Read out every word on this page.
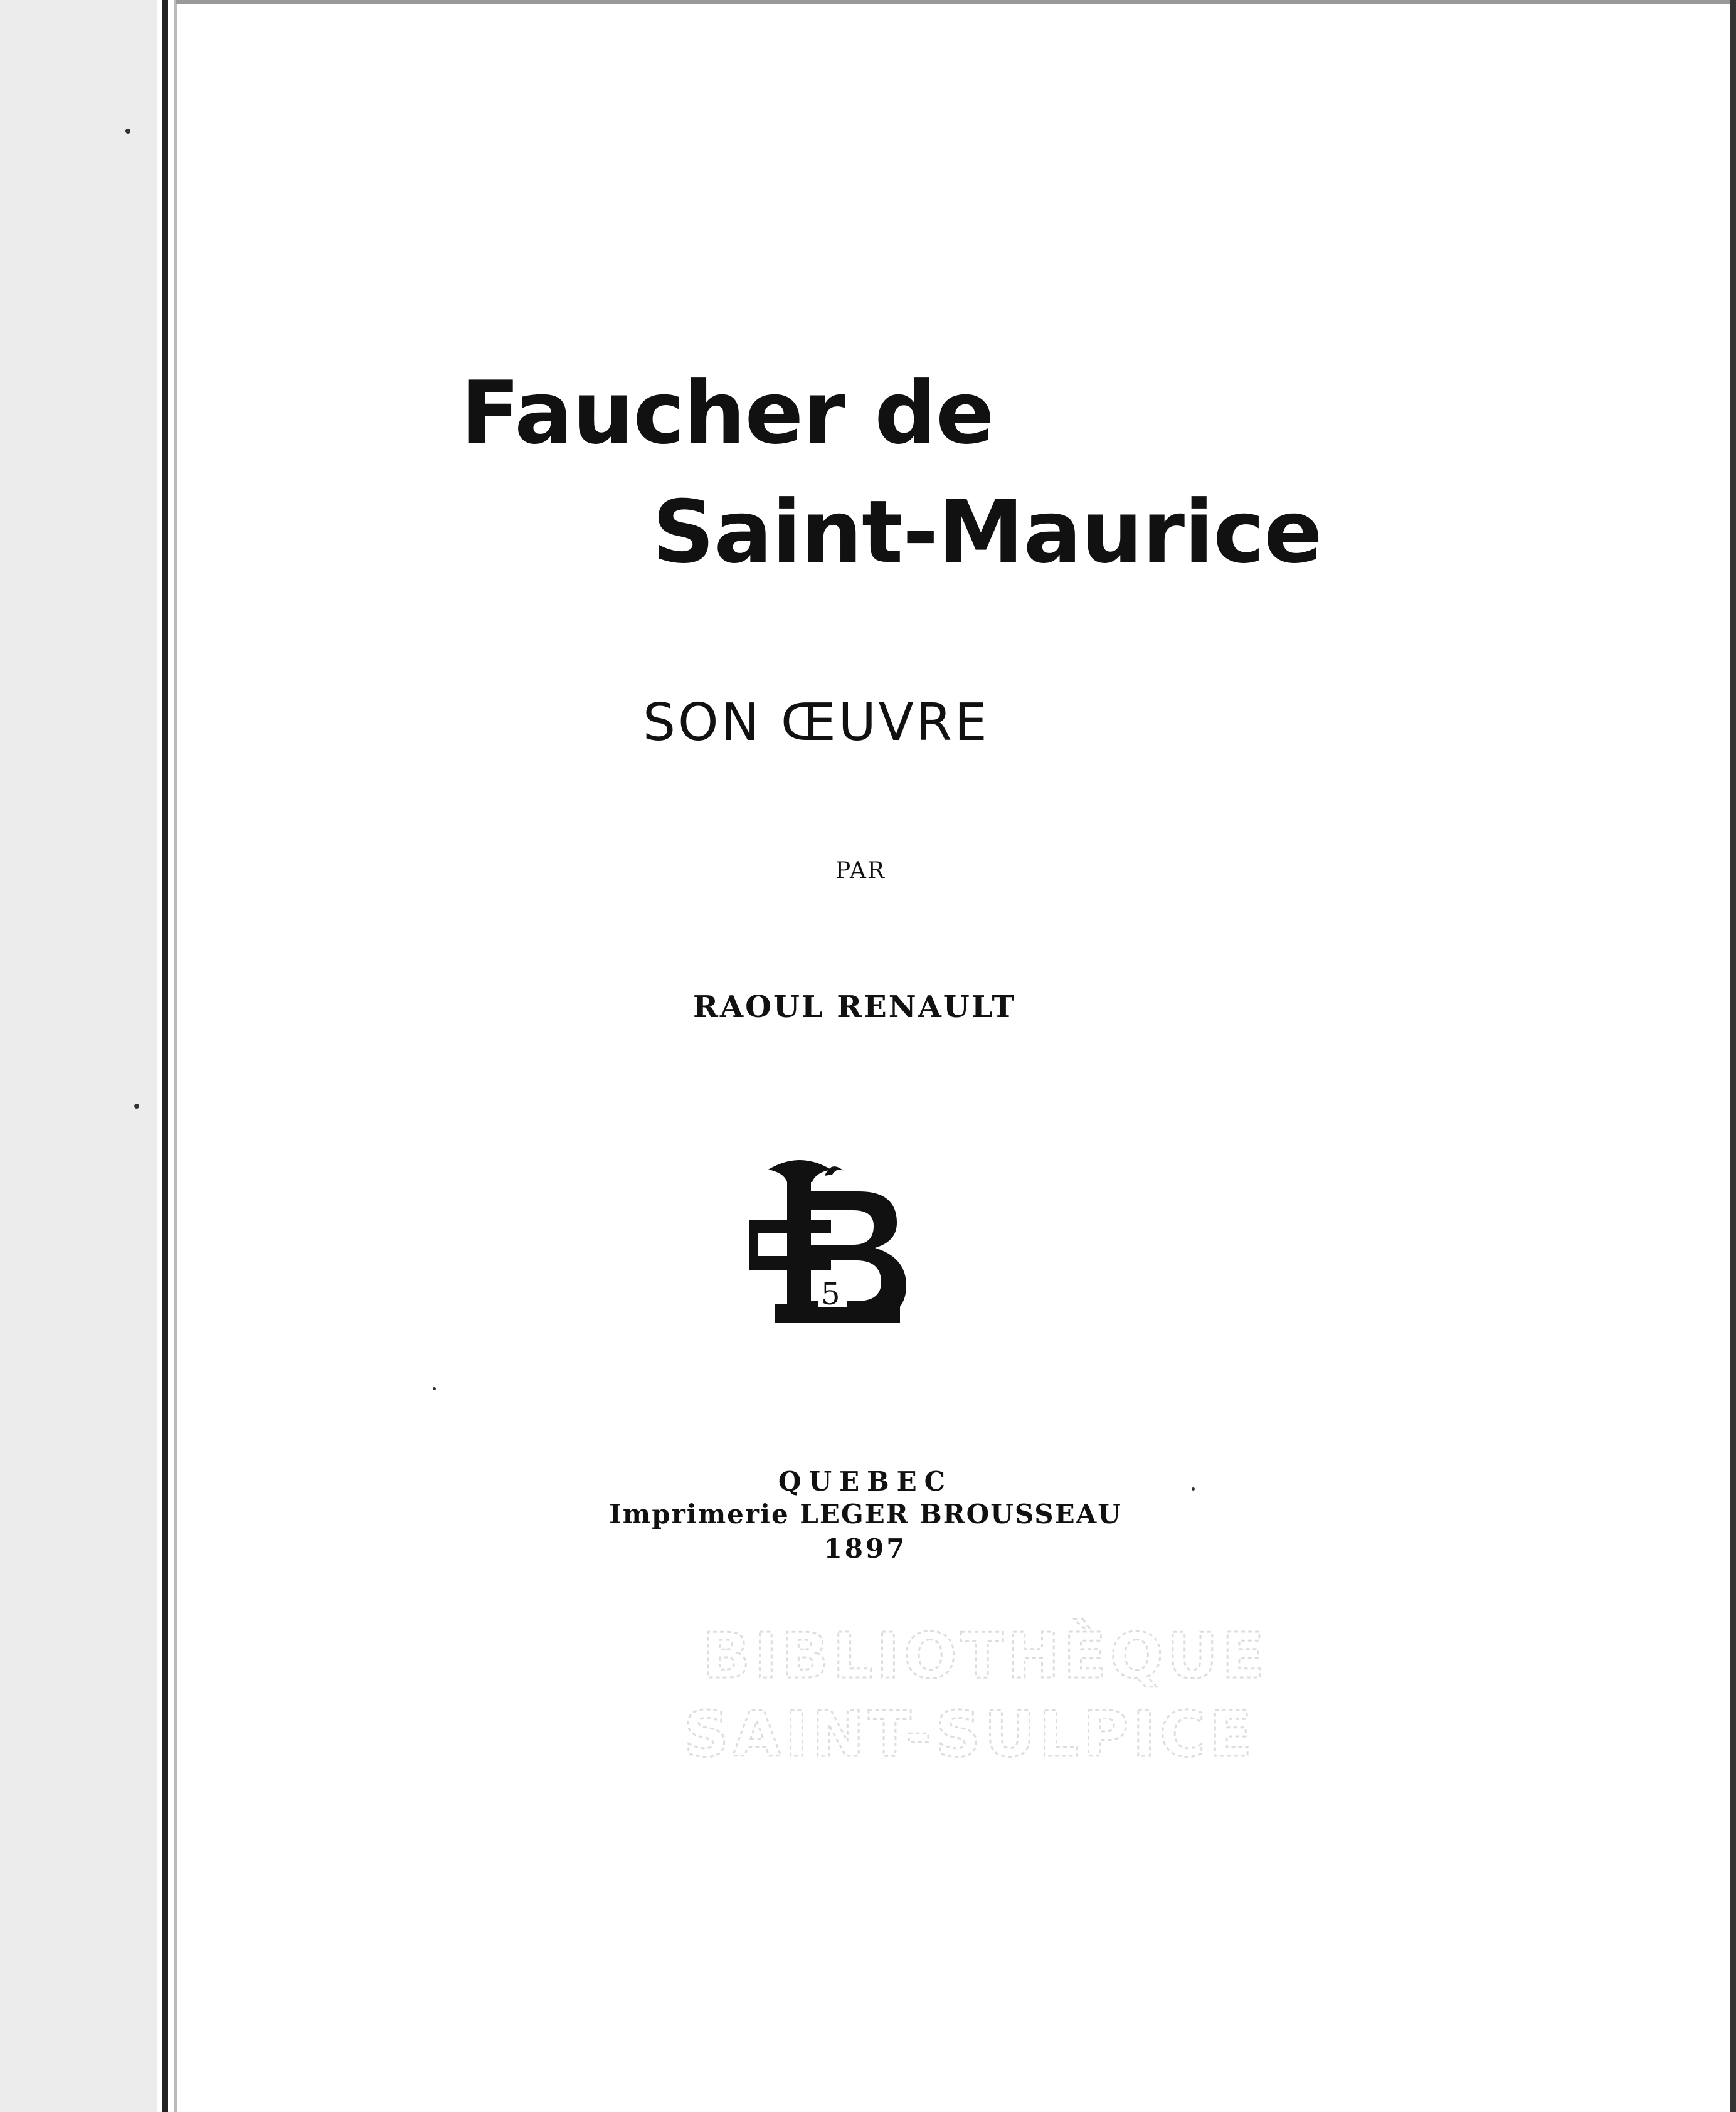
Faucher de
Saint-Maurice
SON ŒUVRE
PAR
RAOUL RENAULT
5
QUEBEC
Imprimerie LEGER BROUSSEAU
1897
BIBLIOTHÈQUE
SAINT-SULPICE
